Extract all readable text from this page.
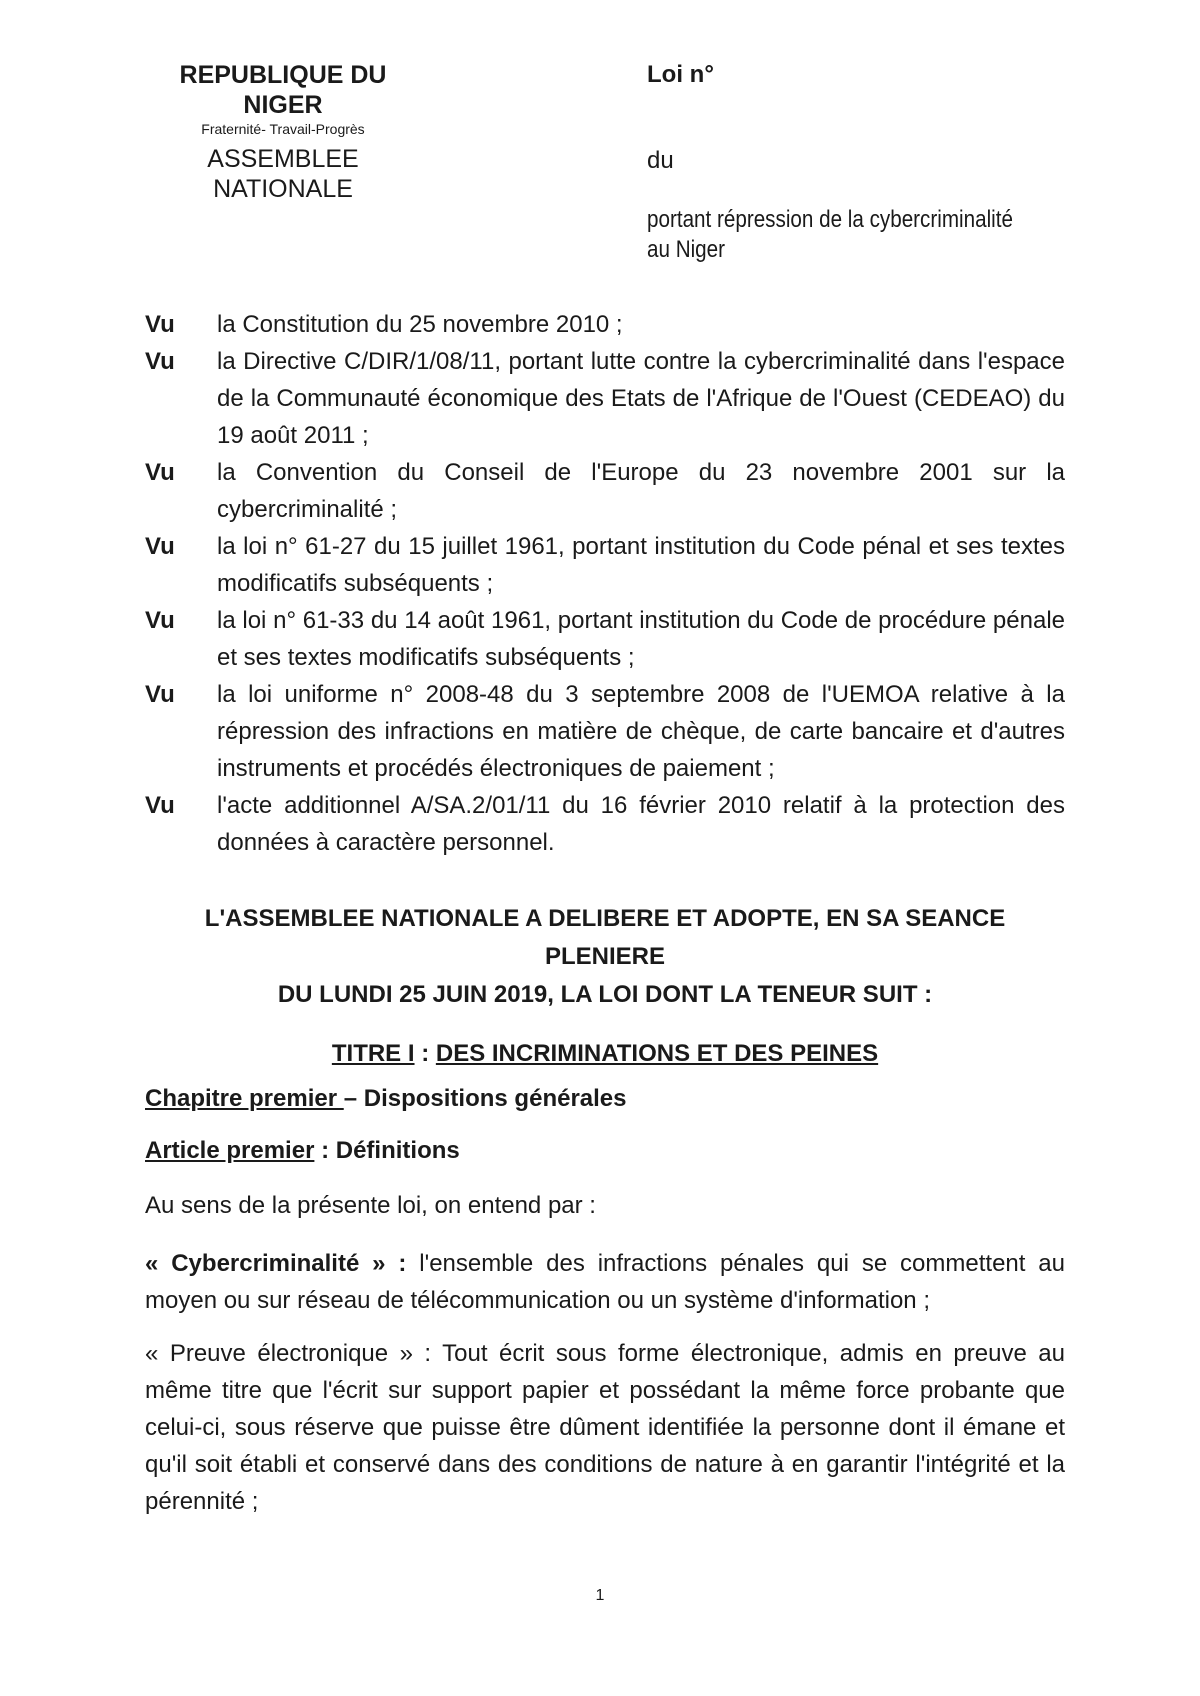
REPUBLIQUE DU NIGER
Fraternité- Travail-Progrès
ASSEMBLEE NATIONALE
Loi n°
du
portant répression de la cybercriminalité
au Niger
Vu la Constitution du 25 novembre 2010 ;
Vu la Directive C/DIR/1/08/11, portant lutte contre la cybercriminalité dans l'espace de la Communauté économique des Etats de l'Afrique de l'Ouest (CEDEAO) du 19 août 2011 ;
Vu la Convention du Conseil de l'Europe du 23 novembre 2001 sur la cybercriminalité ;
Vu la loi n° 61-27 du 15 juillet 1961, portant institution du Code pénal et ses textes modificatifs subséquents ;
Vu la loi n° 61-33 du 14 août 1961, portant institution du Code de procédure pénale et ses textes modificatifs subséquents ;
Vu la loi uniforme n° 2008-48 du 3 septembre 2008 de l'UEMOA relative à la répression des infractions en matière de chèque, de carte bancaire et d'autres instruments et procédés électroniques de paiement ;
Vu l'acte additionnel A/SA.2/01/11 du 16 février 2010 relatif à la protection des données à caractère personnel.
L'ASSEMBLEE NATIONALE A DELIBERE ET ADOPTE, EN SA SEANCE PLENIERE
DU LUNDI 25 JUIN 2019, LA LOI DONT LA TENEUR SUIT :
TITRE I : DES INCRIMINATIONS ET DES PEINES
Chapitre premier – Dispositions générales
Article premier : Définitions
Au sens de la présente loi, on entend par :
« Cybercriminalité » : l'ensemble des infractions pénales qui se commettent au moyen ou sur réseau de télécommunication ou un système d'information ;
« Preuve électronique » : Tout écrit sous forme électronique, admis en preuve au même titre que l'écrit sur support papier et possédant la même force probante que celui-ci, sous réserve que puisse être dûment identifiée la personne dont il émane et qu'il soit établi et conservé dans des conditions de nature à en garantir l'intégrité et la pérennité ;
1
